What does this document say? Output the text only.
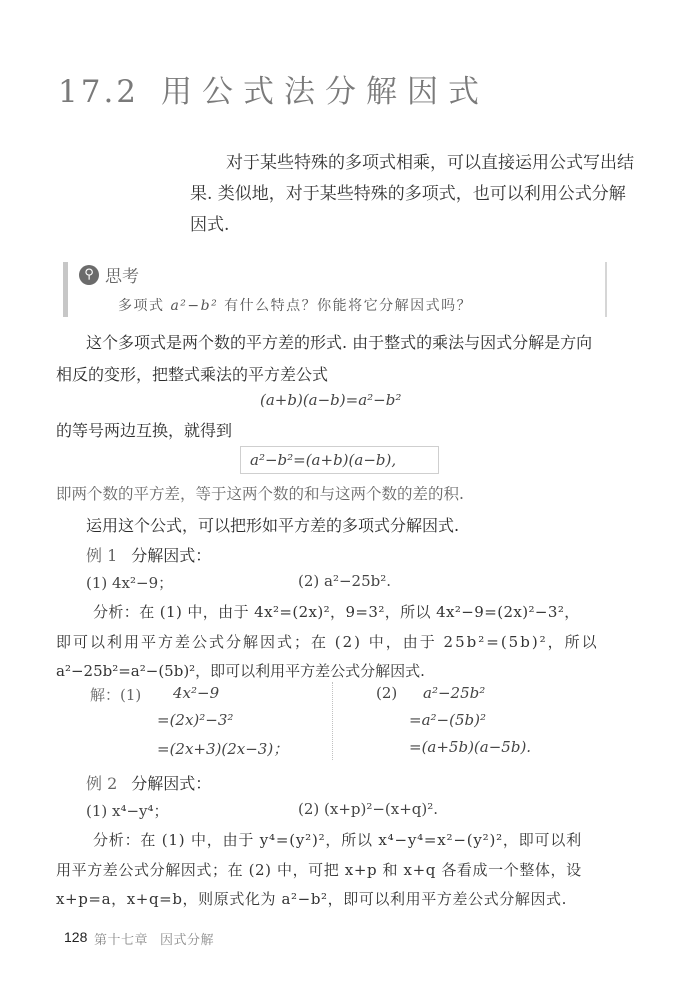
17.2 用公式法分解因式
对于某些特殊的多项式相乘，可以直接运用公式写出结
果. 类似地，对于某些特殊的多项式，也可以利用公式分解
因式.
⚲ 思考
多项式 a²−b² 有什么特点？你能将它分解因式吗？
这个多项式是两个数的平方差的形式. 由于整式的乘法与因式分解是方向
相反的变形，把整式乘法的平方差公式
(a+b)(a−b)=a²−b²
的等号两边互换，就得到
a²−b²=(a+b)(a−b),
即两个数的平方差，等于这两个数的和与这两个数的差的积.
运用这个公式，可以把形如平方差的多项式分解因式.
例 1 分解因式：
(1) 4x²−9；	(2) a²−25b².
分析：在 (1) 中，由于 4x²=(2x)²，9=3²，所以 4x²−9=(2x)²−3²，
即可以利用平方差公式分解因式；在 (2) 中，由于 25b²=(5b)²，所以
a²−25b²=a²−(5b)²，即可以利用平方差公式分解因式.
解：(1) 4x²−9
=(2x)²−3²
=(2x+3)(2x−3)；
(2) a²−25b²
=a²−(5b)²
=(a+5b)(a−5b).
例 2 分解因式：
(1) x⁴−y⁴；	(2) (x+p)²−(x+q)².
分析：在 (1) 中，由于 y⁴=(y²)²，所以 x⁴−y⁴=x²−(y²)²，即可以利
用平方差公式分解因式；在 (2) 中，可把 x+p 和 x+q 各看成一个整体，设
x+p=a，x+q=b，则原式化为 a²−b²，即可以利用平方差公式分解因式.
128 第十七章 因式分解
